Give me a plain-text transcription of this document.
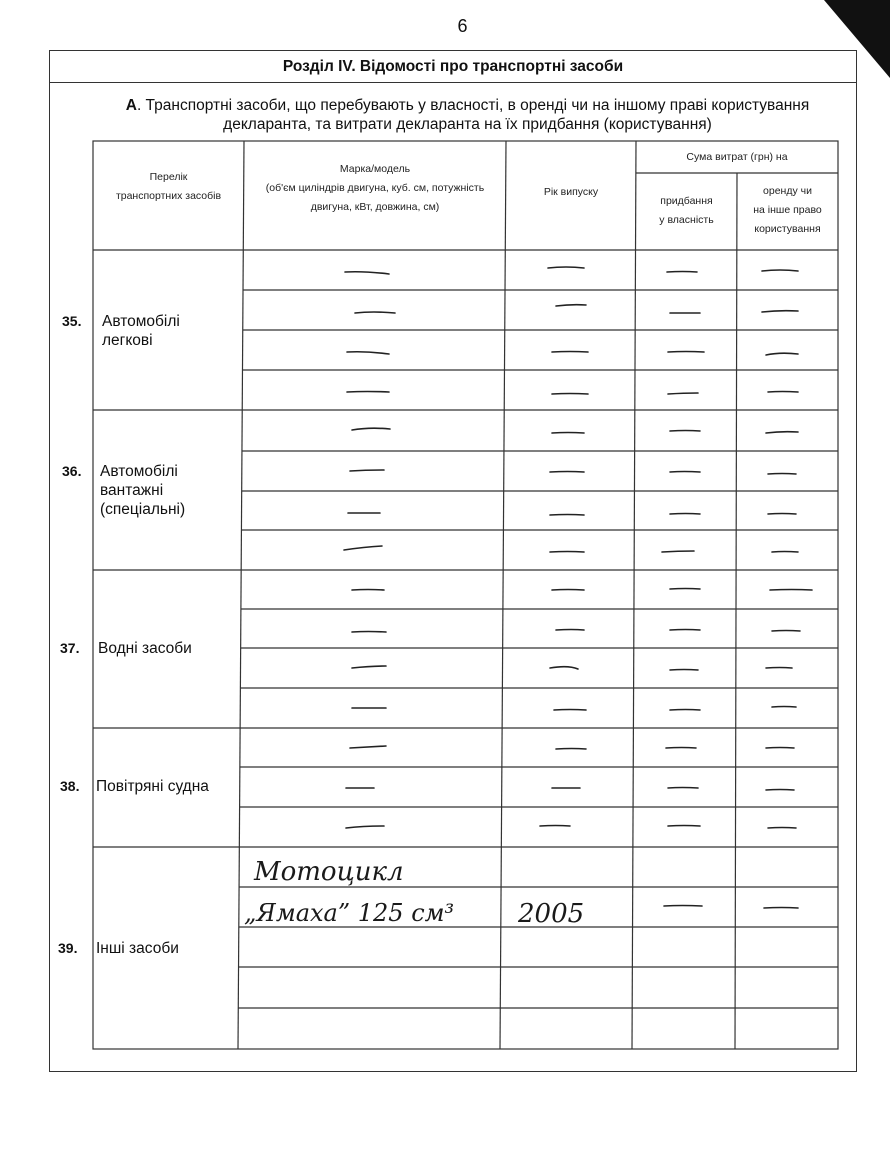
6
Розділ IV. Відомості про транспортні засоби
А. Транспортні засоби, що перебувають у власності, в оренді чи на іншому праві користування декларанта, та витрати декларанта на їх придбання (користування)
Перелік
транспортних засобів
Марка/модель
(об'єм циліндрів двигуна, куб. см, потужність
двигуна, кВт, довжина, см)
Рік випуску
Сума витрат (грн) на
придбання
у власність
оренду чи
на інше право
користування
35.
36.
37.
38.
39.
Автомобілі
легкові
Автомобілі
вантажні
(спеціальні)
Водні засоби
Повітряні судна
Інші засоби
Мотоцикл
„Ямаха” 125 см³ 2005
